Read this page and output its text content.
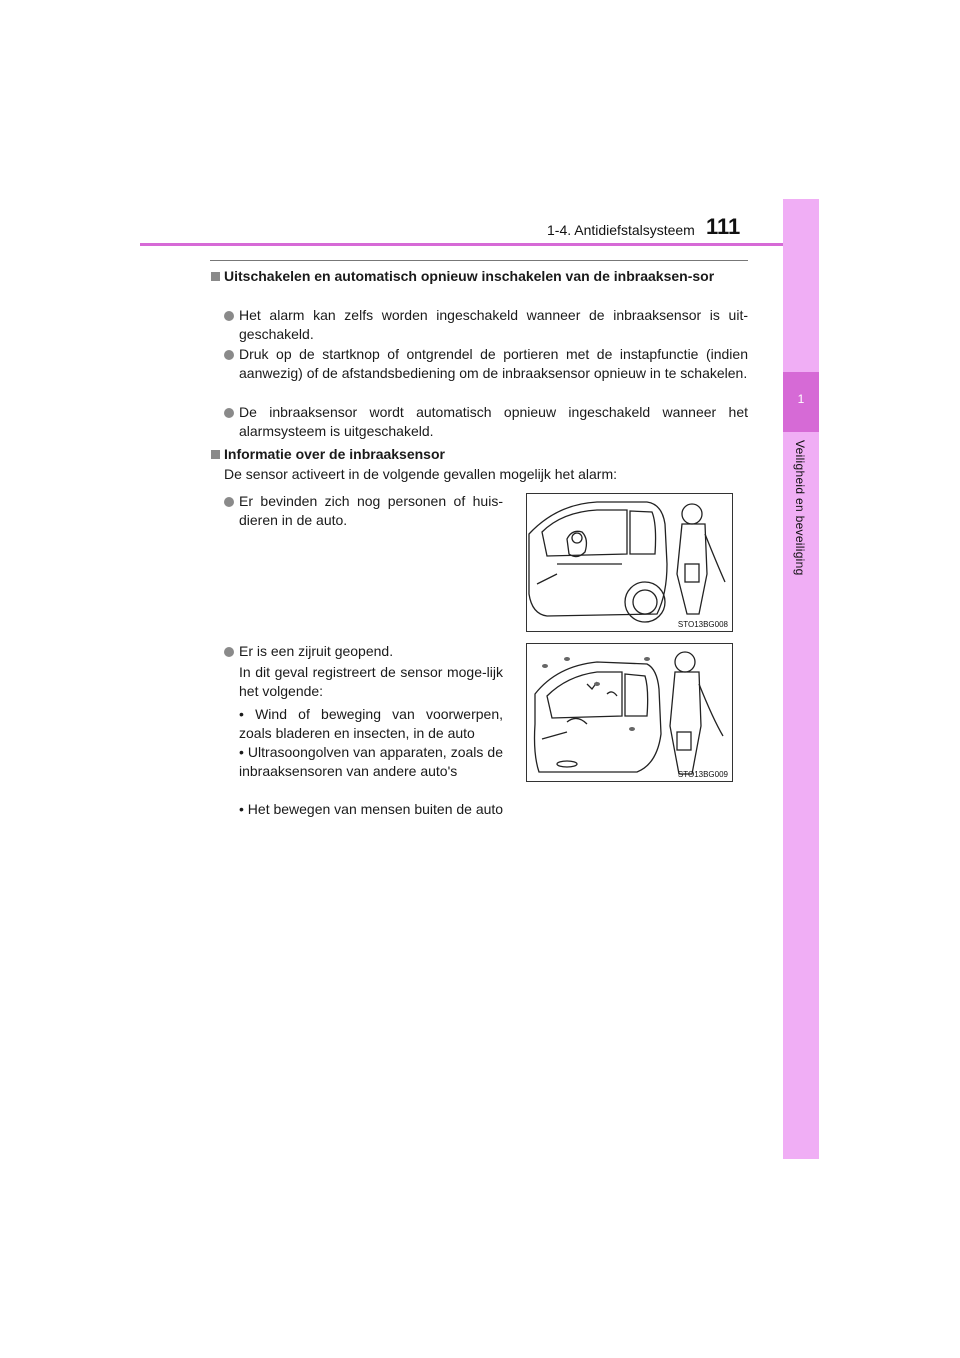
1-4. Antidiefstalsysteem 111
1
Veiligheid en beveiliging
Uitschakelen en automatisch opnieuw inschakelen van de inbraaksen-sor
Het alarm kan zelfs worden ingeschakeld wanneer de inbraaksensor is uit-geschakeld.
Druk op de startknop of ontgrendel de portieren met de instapfunctie (indien aanwezig) of de afstandsbediening om de inbraaksensor opnieuw in te schakelen.
De inbraaksensor wordt automatisch opnieuw ingeschakeld wanneer het alarmsysteem is uitgeschakeld.
Informatie over de inbraaksensor
De sensor activeert in de volgende gevallen mogelijk het alarm:
Er bevinden zich nog personen of huis-dieren in de auto.
Er is een zijruit geopend.
In dit geval registreert de sensor moge-lijk het volgende:
• Wind of beweging van voorwerpen, zoals bladeren en insecten, in de auto
• Ultrasoongolven van apparaten, zoals de inbraaksensoren van andere auto's
• Het bewegen van mensen buiten de auto
STO13BG008
STO13BG009
